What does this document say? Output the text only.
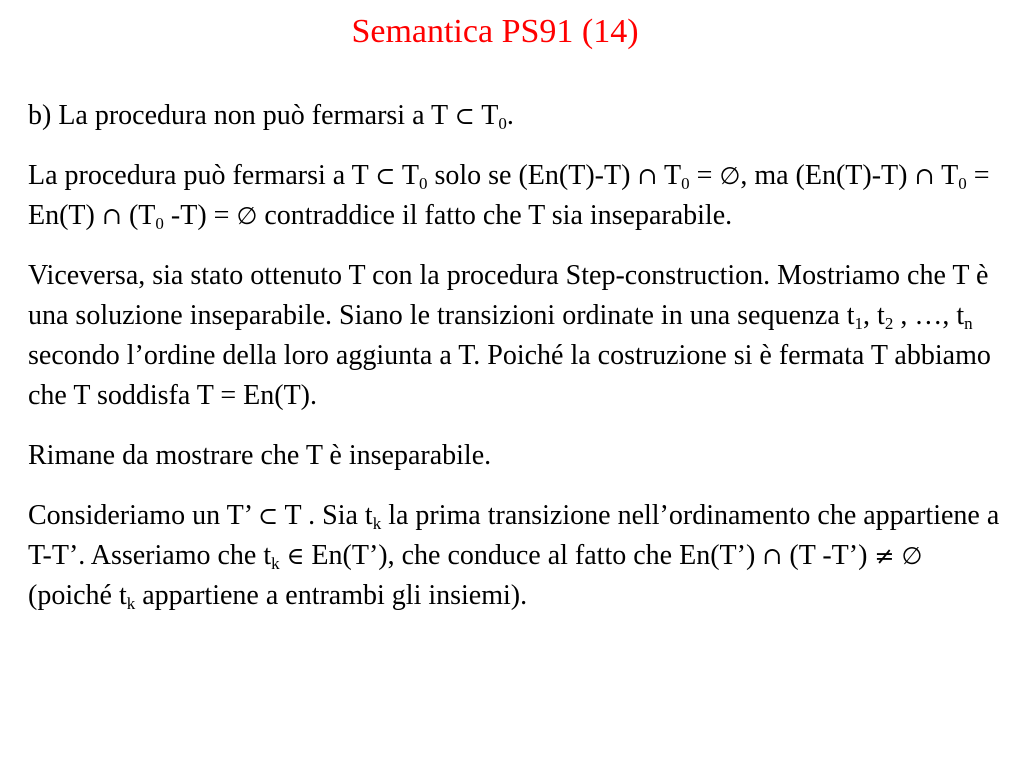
Semantica PS91 (14)

b) La procedura non può fermarsi a T ⊂ $T_0$.

La procedura può fermarsi a T ⊂ $T_0$ solo se (En(T)-T) ∩ $T_0$ = ∅, ma (En(T)-T) ∩ $T_0 = En(T)$ ∩ ($T_0$ -T) = ∅ contraddice il fatto che T sia inseparabile.

Viceversa, sia stato ottenuto T con la procedura Step-construction. Mostriamo che T è una soluzione inseparabile. Siano le transizioni ordinate in una sequenza $t_1$, $t_2$ , …, $t_n$ secondo l’ordine della loro aggiunta a T. Poiché la costruzione si è fermata T abbiamo che T soddisfa T = En(T).

Rimane da mostrare che T è inseparabile.

Consideriamo un T’ ⊂ T . Sia $t_k$ la prima transizione nell’ordinamento che appartiene a T-T’. Asseriamo che $t_k$ ∈ En(T’), che conduce al fatto che En(T’) ∩ (T -T’) ≠ ∅ (poiché $t_k$ appartiene a entrambi gli insiemi).
